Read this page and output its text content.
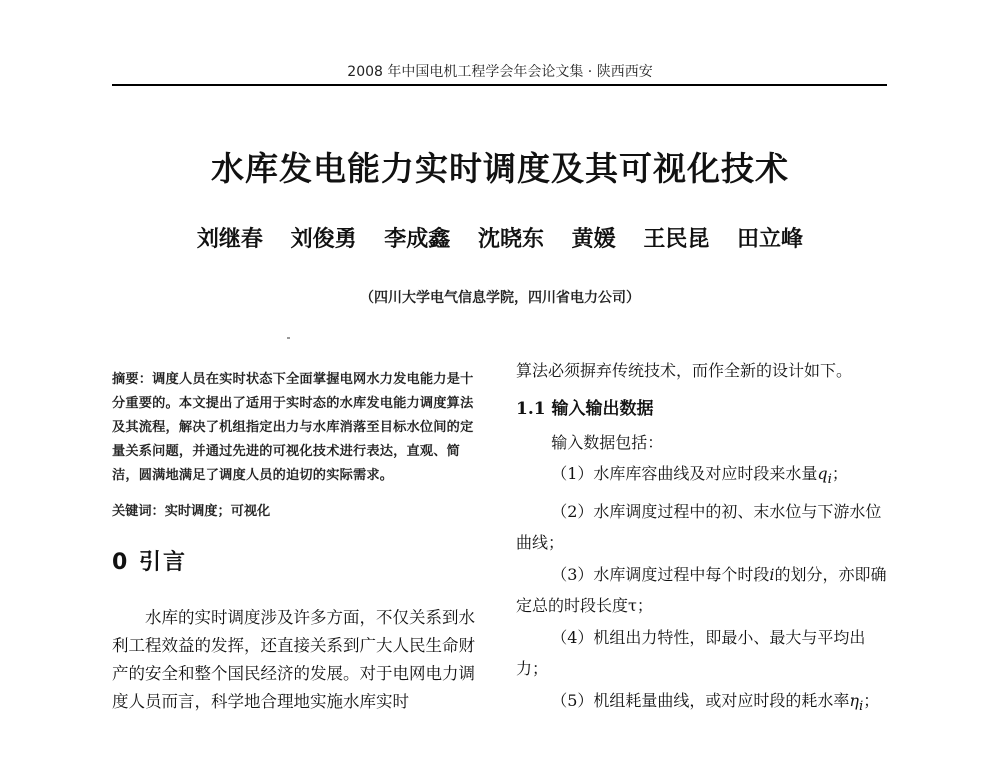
2008 年中国电机工程学会年会论文集 · 陕西西安
水库发电能力实时调度及其可视化技术
刘继春 刘俊勇 李成鑫 沈晓东 黄媛 王民昆 田立峰
（四川大学电气信息学院，四川省电力公司）

摘要：调度人员在实时状态下全面掌握电网水力发电能力是十分重要的。本文提出了适用于实时态的水库发电能力调度算法及其流程，解决了机组指定出力与水库消落至目标水位间的定量关系问题，并通过先进的可视化技术进行表达，直观、简洁，圆满地满足了调度人员的迫切的实际需求。

关键词：实时调度；可视化
0 引言

水库的实时调度涉及许多方面，不仅关系到水利工程效益的发挥，还直接关系到广大人民生命财产的安全和整个国民经济的发展。对于电网电力调度人员而言，科学地合理地实施水库实时

算法必须摒弃传统技术，而作全新的设计如下。

1.1 输入输出数据

输入数据包括：

（1）水库库容曲线及对应时段来水量$q_i$；

（2）水库调度过程中的初、末水位与下游水位曲线；

（3）水库调度过程中每个时段i的划分，亦即确定总的时段长度τ；

（4）机组出力特性，即最小、最大与平均出力；

（5）机组耗量曲线，或对应时段的耗水率$\eta_i$；
